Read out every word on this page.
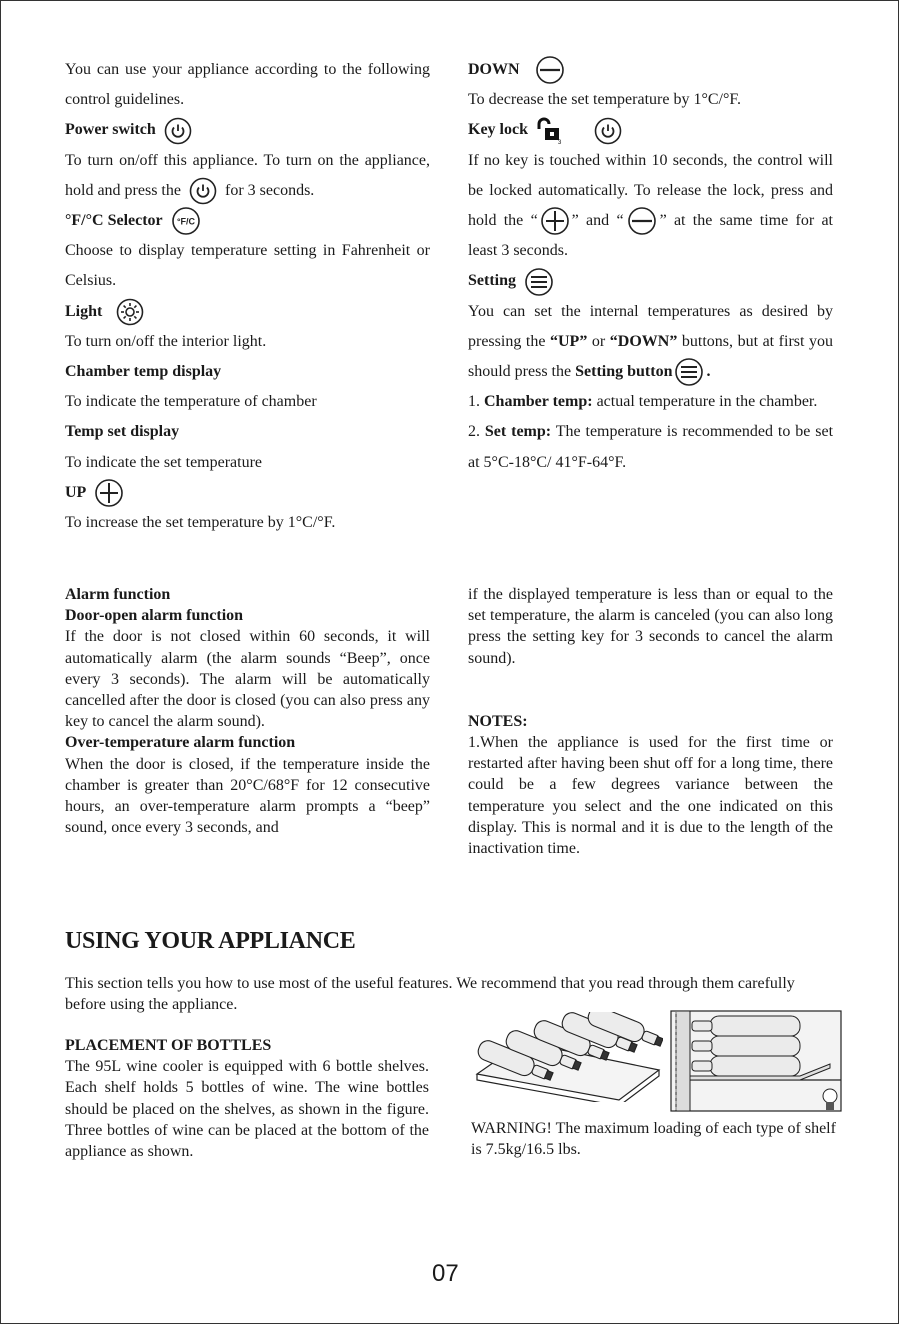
You can use your appliance according to the following control guidelines.

Power switch

To turn on/off this appliance. To turn on the appliance, hold and press the	for 3 seconds.

°F/°C Selector °F/C

Choose to display temperature setting in Fahrenheit or Celsius.

Light

To turn on/off the interior light.

Chamber temp display

To indicate the temperature of chamber

Temp set display

To indicate the set temperature

UP

To increase the set temperature by 1°C/°F.

DOWN

To decrease the set temperature by 1°C/°F.

Key lock
3

If no key is touched within 10 seconds, the control will be locked automatically. To release the lock, press and hold the “ ” and “ ” at the same time for at least 3 seconds.

Setting

You can set the internal temperatures as desired by pressing the “UP” or “DOWN” buttons, but at first you should press the Setting button .

1. Chamber temp: actual temperature in the chamber.

2. Set temp: The temperature is recommended to be set at 5°C-18°C/ 41°F-64°F.

Alarm function

Door-open alarm function

If the door is not closed within 60 seconds, it will automatically alarm (the alarm sounds “Beep”, once every 3 seconds). The alarm will be automatically cancelled after the door is closed (you can also press any key to cancel the alarm sound).

Over-temperature alarm function

When the door is closed, if the temperature inside the chamber is greater than 20°C/68°F for 12 consecutive hours, an over-temperature alarm prompts a “beep” sound, once every 3 seconds, and

if the displayed temperature is less than or equal to the set temperature, the alarm is canceled (you can also long press the setting key for 3 seconds to cancel the alarm sound).

NOTES:

1.When the appliance is used for the first time or restarted after having been shut off for a long time, there could be a few degrees variance between the temperature you select and the one indicated on this display. This is normal and it is due to the length of the inactivation time.

USING YOUR APPLIANCE

This section tells you how to use most of the useful features. We recommend that you read through them carefully before using the appliance.

PLACEMENT OF BOTTLES

The 95L wine cooler is equipped with 6 bottle shelves. Each shelf holds 5 bottles of wine. The wine bottles should be placed on the shelves, as shown in the figure. Three bottles of wine can be placed at the bottom of the appliance as shown.

WARNING! The maximum loading of each type of shelf is 7.5kg/16.5 lbs.

07
